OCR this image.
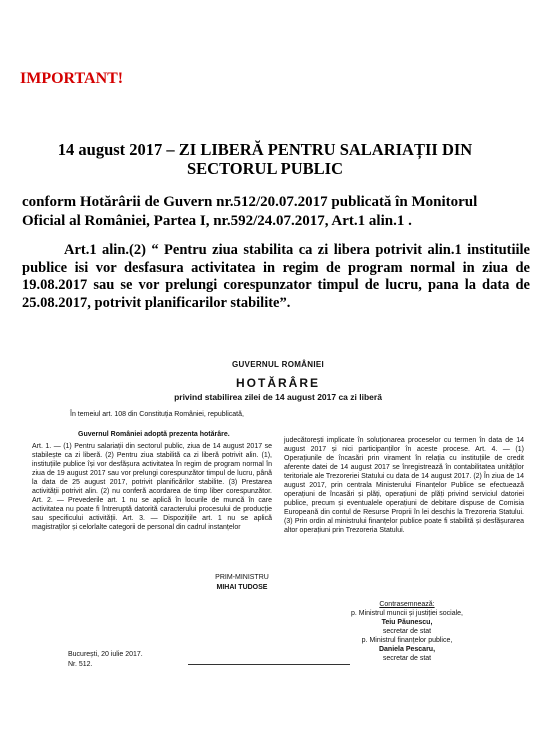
IMPORTANT!
14 august 2017 – ZI LIBERĂ PENTRU SALARIAȚII DIN SECTORUL PUBLIC
conform Hotărârii de Guvern nr.512/20.07.2017 publicată în Monitorul Oficial al României, Partea I, nr.592/24.07.2017, Art.1 alin.1 .
Art.1 alin.(2) “ Pentru ziua stabilita ca zi libera potrivit alin.1 institutiile publice isi vor desfasura activitatea in regim de program normal in ziua de 19.08.2017 sau se vor prelungi corespunzator timpul de lucru, pana la data de 25.08.2017, potrivit planificarilor stabilite”.
GUVERNUL ROMÂNIEI
HOTĂRÂRE
privind stabilirea zilei de 14 august 2017 ca zi liberă
În temeiul art. 108 din Constituția României, republicată,
Guvernul României adoptă prezenta hotărâre.
Art. 1. — (1) Pentru salariații din sectorul public, ziua de 14 august 2017 se stabilește ca zi liberă. (2) Pentru ziua stabilită ca zi liberă potrivit alin. (1), instituțiile publice își vor desfășura activitatea în regim de program normal în ziua de 19 august 2017 sau vor prelungi corespunzător timpul de lucru, până la data de 25 august 2017, potrivit planificărilor stabilite. (3) Prestarea activității potrivit alin. (2) nu conferă acordarea de timp liber corespunzător. Art. 2. — Prevederile art. 1 nu se aplică în locurile de muncă în care activitatea nu poate fi întreruptă datorită caracterului procesului de producție sau specificului activității. Art. 3. — Dispozițiile art. 1 nu se aplică magistraților și celorlalte categorii de personal din cadrul instanțelor
judecătorești implicate în soluționarea proceselor cu termen în data de 14 august 2017 și nici participanților în aceste procese. Art. 4. — (1) Operațiunile de încasări prin virament în relația cu instituțiile de credit aferente datei de 14 august 2017 se înregistrează în contabilitatea unităților teritoriale ale Trezoreriei Statului cu data de 14 august 2017. (2) În ziua de 14 august 2017, prin centrala Ministerului Finanțelor Publice se efectuează operațiuni de încasări și plăți, operațiuni de plăți privind serviciul datoriei publice, precum și eventualele operațiuni de debitare dispuse de Comisia Europeană din contul de Resurse Proprii în lei deschis la Trezoreria Statului. (3) Prin ordin al ministrului finanțelor publice poate fi stabilită și desfășurarea altor operațiuni prin Trezoreria Statului.
PRIM-MINISTRU
MIHAI TUDOSE
Contrasemnează:
p. Ministrul muncii și justiției sociale,
Teiu Păunescu,
secretar de stat
p. Ministrul finanțelor publice,
Daniela Pescaru,
secretar de stat
București, 20 iulie 2017.
Nr. 512.
